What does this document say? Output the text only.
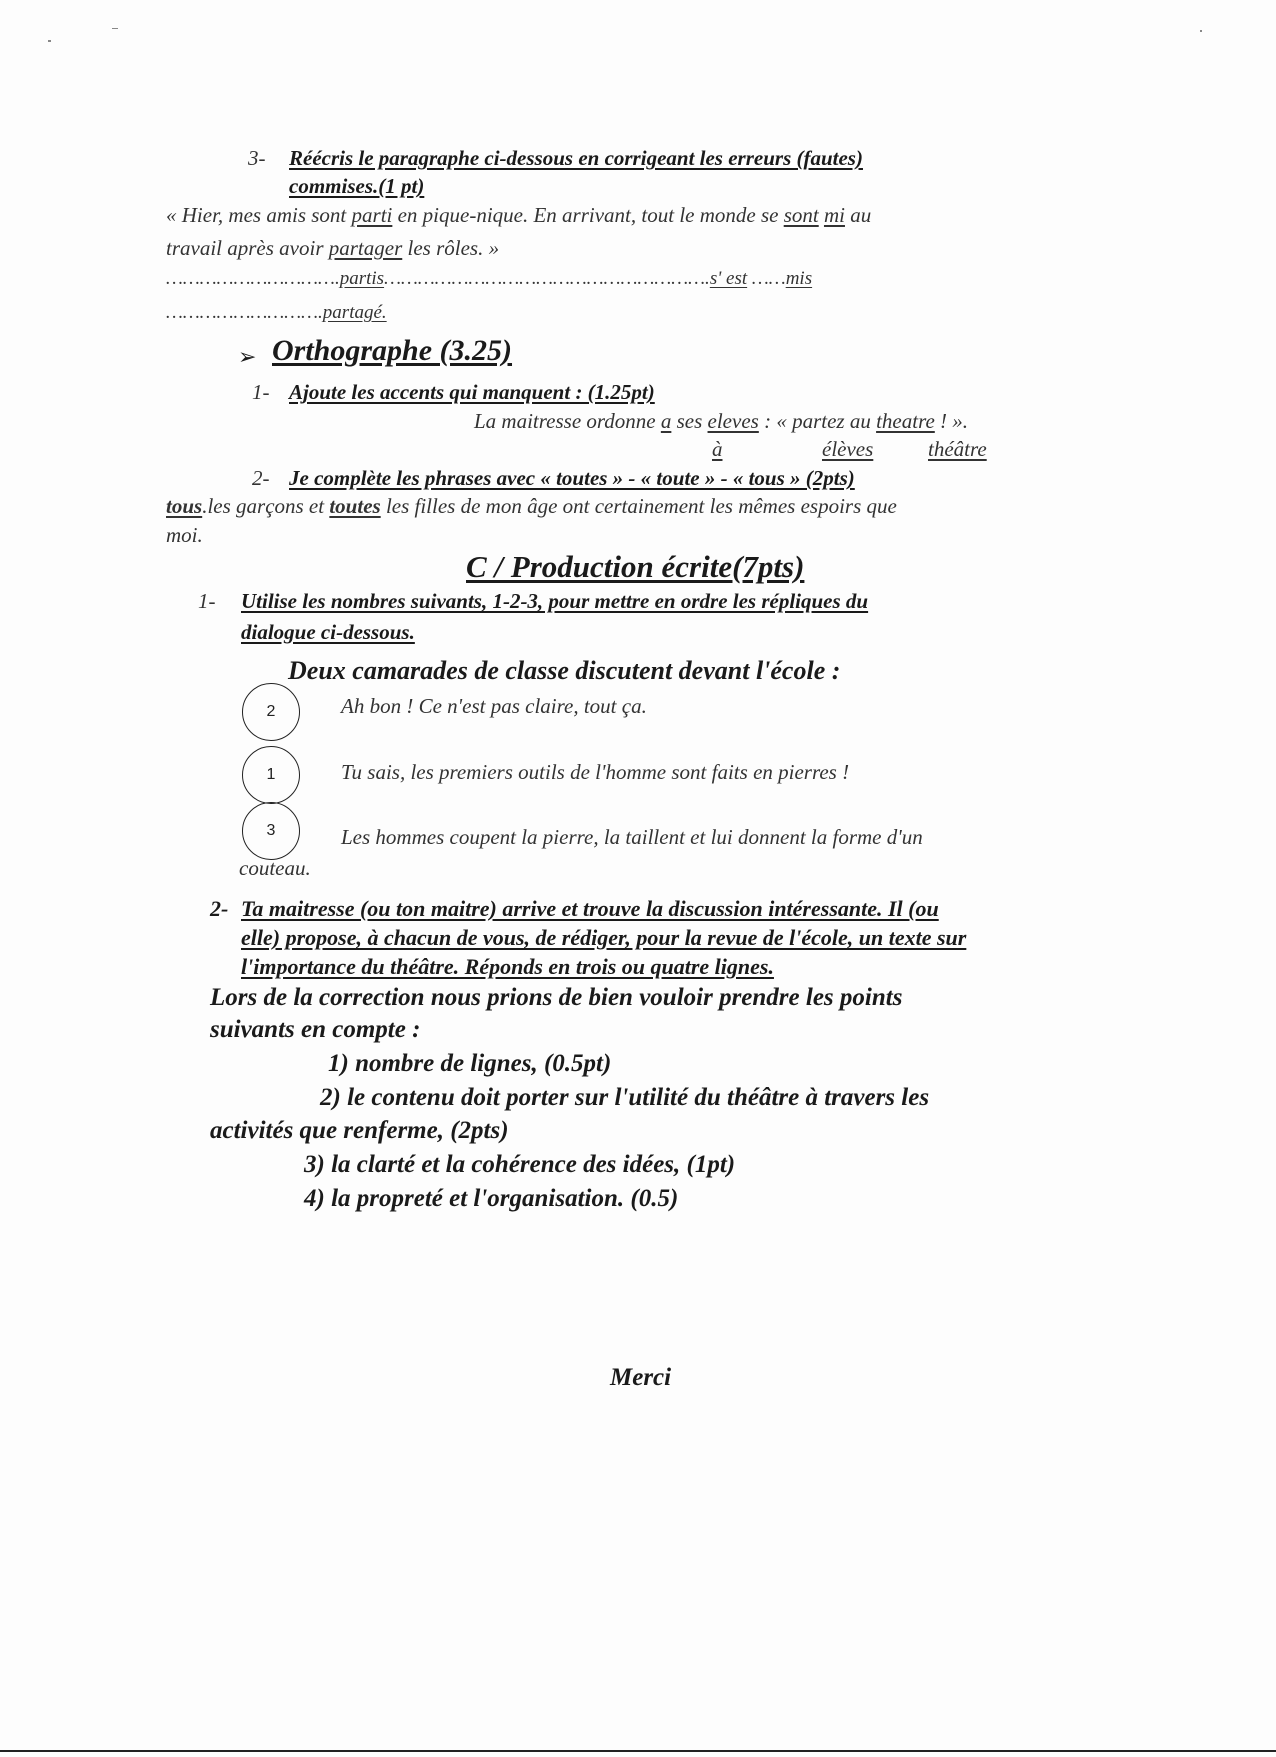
3- Réécris le paragraphe ci-dessous en corrigeant les erreurs (fautes)
commises.(1 pt)
« Hier, mes amis sont parti en pique-nique. En arrivant, tout le monde se sont mi au
travail après avoir partager les rôles. »
………………………….partis………………………………………………….s' est ……mis
……………………….partagé.
➢ Orthographe (3.25)
1- Ajoute les accents qui manquent : (1.25pt)
La maitresse ordonne a ses eleves : « partez au theatre ! ».
à	élèves	théâtre
2- Je complète les phrases avec « toutes » - « toute » - « tous » (2pts)
tous.les garçons et toutes les filles de mon âge ont certainement les mêmes espoirs que
moi.
C / Production écrite(7pts)
1- Utilise les nombres suivants, 1-2-3, pour mettre en ordre les répliques du
dialogue ci-dessous.
Deux camarades de classe discutent devant l'école :
2	Ah bon ! Ce n'est pas claire, tout ça.
1	Tu sais, les premiers outils de l'homme sont faits en pierres !
3	Les hommes coupent la pierre, la taillent et lui donnent la forme d'un
couteau.
2- Ta maitresse (ou ton maitre) arrive et trouve la discussion intéressante. Il (ou
elle) propose, à chacun de vous, de rédiger, pour la revue de l'école, un texte sur
l'importance du théâtre. Réponds en trois ou quatre lignes.
Lors de la correction nous prions de bien vouloir prendre les points
suivants en compte :
1) nombre de lignes, (0.5pt)
2) le contenu doit porter sur l'utilité du théâtre à travers les
activités que renferme, (2pts)
3) la clarté et la cohérence des idées, (1pt)
4) la propreté et l'organisation. (0.5)
Merci
